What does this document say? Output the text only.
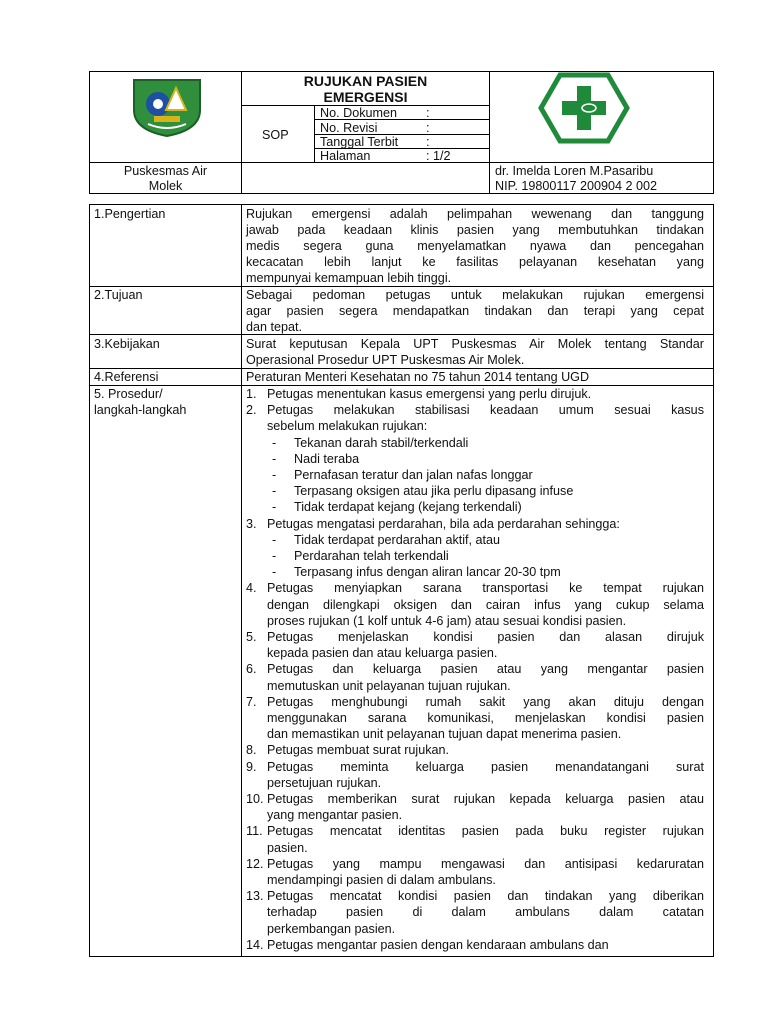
RUJUKAN PASIEN
EMERGENSI
SOP
No. Dokumen :
No. Revisi	:
Tanggal Terbit :
Halaman	: 1/2
Puskesmas Air
Molek
dr. Imelda Loren M.Pasaribu
NIP. 19800117 200904 2 002
1.Pengertian	Rujukan emergensi adalah pelimpahan wewenang dan tanggung
jawab pada keadaan klinis pasien yang membutuhkan tindakan
medis segera guna menyelamatkan nyawa dan pencegahan
kecacatan lebih lanjut ke fasilitas pelayanan kesehatan yang
mempunyai kemampuan lebih tinggi.
2.Tujuan	Sebagai pedoman petugas untuk melakukan rujukan emergensi
agar pasien segera mendapatkan tindakan dan terapi yang cepat
dan tepat.
3.Kebijakan	Surat keputusan Kepala UPT Puskesmas Air Molek tentang Standar
Operasional Prosedur UPT Puskesmas Air Molek.
4.Referensi	Peraturan Menteri Kesehatan no 75 tahun 2014 tentang UGD
5. Prosedur/
langkah-langkah
1. Petugas menentukan kasus emergensi yang perlu dirujuk.
2. Petugas melakukan stabilisasi keadaan umum sesuai kasus
sebelum melakukan rujukan:
- Tekanan darah stabil/terkendali
- Nadi teraba
- Pernafasan teratur dan jalan nafas longgar
- Terpasang oksigen atau jika perlu dipasang infuse
- Tidak terdapat kejang (kejang terkendali)
3. Petugas mengatasi perdarahan, bila ada perdarahan sehingga:
- Tidak terdapat perdarahan aktif, atau
- Perdarahan telah terkendali
- Terpasang infus dengan aliran lancar 20-30 tpm
4. Petugas menyiapkan sarana transportasi ke tempat rujukan
dengan dilengkapi oksigen dan cairan infus yang cukup selama
proses rujukan (1 kolf untuk 4-6 jam) atau sesuai kondisi pasien.
5. Petugas menjelaskan kondisi pasien dan alasan dirujuk
kepada pasien dan atau keluarga pasien.
6. Petugas dan keluarga pasien atau yang mengantar pasien
memutuskan unit pelayanan tujuan rujukan.
7. Petugas menghubungi rumah sakit yang akan dituju dengan
menggunakan sarana komunikasi, menjelaskan kondisi pasien
dan memastikan unit pelayanan tujuan dapat menerima pasien.
8. Petugas membuat surat rujukan.
9. Petugas meminta keluarga pasien menandatangani surat
persetujuan rujukan.
10. Petugas memberikan surat rujukan kepada keluarga pasien atau
yang mengantar pasien.
11. Petugas mencatat identitas pasien pada buku register rujukan
pasien.
12. Petugas yang mampu mengawasi dan antisipasi kedaruratan
mendampingi pasien di dalam ambulans.
13. Petugas mencatat kondisi pasien dan tindakan yang diberikan
terhadap pasien di dalam ambulans dalam catatan
perkembangan pasien.
14. Petugas mengantar pasien dengan kendaraan ambulans dan
